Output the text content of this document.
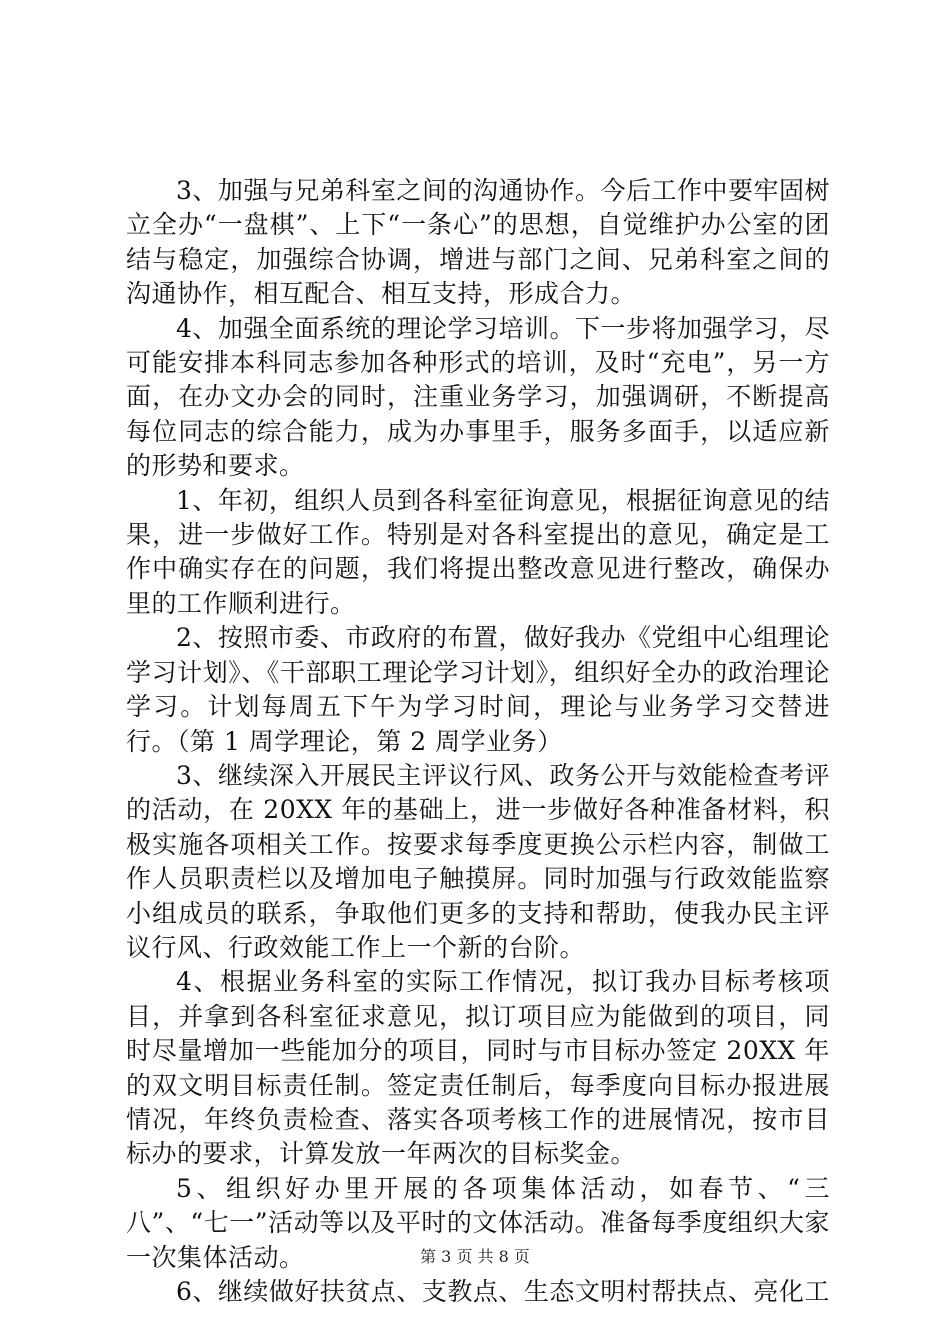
3、加强与兄弟科室之间的沟通协作。今后工作中要牢固树立全办“一盘棋”、上下“一条心”的思想，自觉维护办公室的团结与稳定，加强综合协调，增进与部门之间、兄弟科室之间的沟通协作，相互配合、相互支持，形成合力。

4、加强全面系统的理论学习培训。下一步将加强学习，尽可能安排本科同志参加各种形式的培训，及时“充电”，另一方面，在办文办会的同时，注重业务学习，加强调研，不断提高每位同志的综合能力，成为办事里手，服务多面手，以适应新的形势和要求。

1、年初，组织人员到各科室征询意见，根据征询意见的结果，进一步做好工作。特别是对各科室提出的意见，确定是工作中确实存在的问题，我们将提出整改意见进行整改，确保办里的工作顺利进行。

2、按照市委、市政府的布置，做好我办《党组中心组理论学习计划》、《干部职工理论学习计划》，组织好全办的政治理论学习。计划每周五下午为学习时间，理论与业务学习交替进行。（第 1 周学理论，第 2 周学业务）

3、继续深入开展民主评议行风、政务公开与效能检查考评的活动，在 20XX 年的基础上，进一步做好各种准备材料，积极实施各项相关工作。按要求每季度更换公示栏内容，制做工作人员职责栏以及增加电子触摸屏。同时加强与行政效能监察小组成员的联系，争取他们更多的支持和帮助，使我办民主评议行风、行政效能工作上一个新的台阶。

4、根据业务科室的实际工作情况，拟订我办目标考核项目，并拿到各科室征求意见，拟订项目应为能做到的项目，同时尽量增加一些能加分的项目，同时与市目标办签定 20XX 年的双文明目标责任制。签定责任制后，每季度向目标办报进展情况，年终负责检查、落实各项考核工作的进展情况，按市目标办的要求，计算发放一年两次的目标奖金。

5、组织好办里开展的各项集体活动，如春节、“三八”、“七一”活动等以及平时的文体活动。准备每季度组织大家一次集体活动。

6、继续做好扶贫点、支教点、生态文明村帮扶点、亮化工

第 3 页 共 8 页
